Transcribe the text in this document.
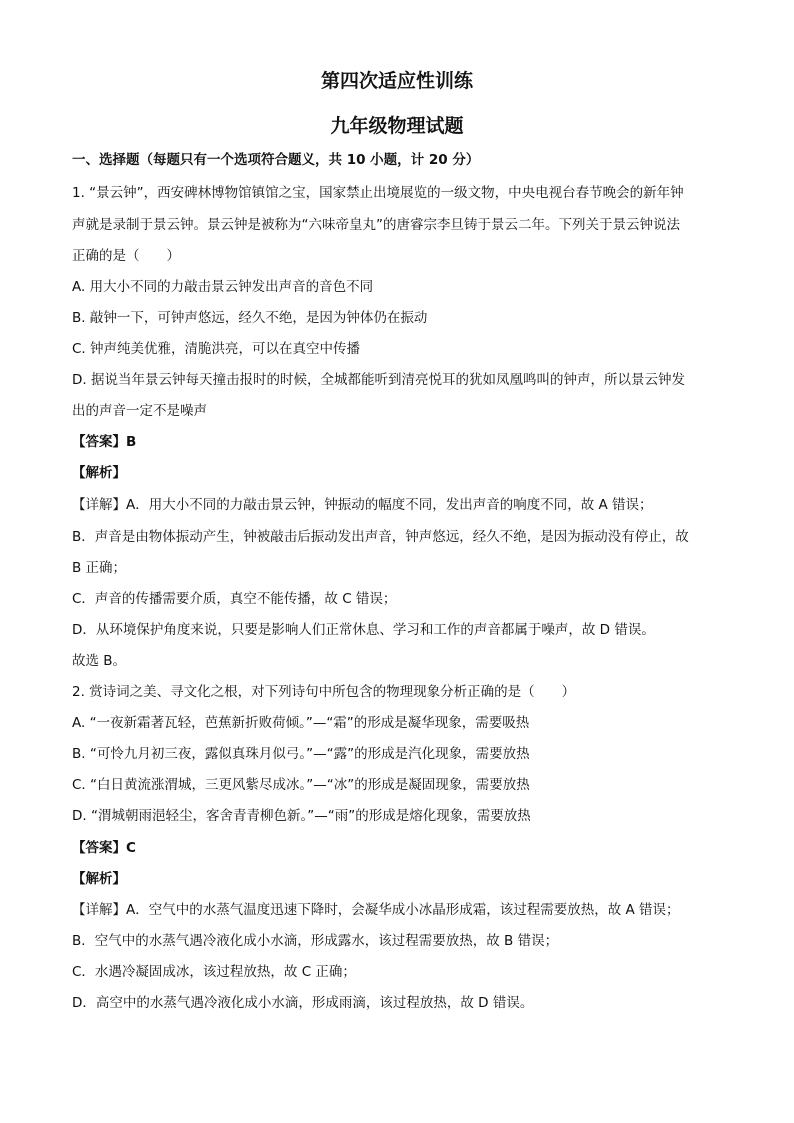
第四次适应性训练
九年级物理试题
一、选择题（每题只有一个选项符合题义，共 10 小题，计 20 分）
1. “景云钟”，西安碑林博物馆镇馆之宝，国家禁止出境展览的一级文物，中央电视台春节晚会的新年钟
声就是录制于景云钟。景云钟是被称为“六味帝皇丸”的唐睿宗李旦铸于景云二年。下列关于景云钟说法
正确的是（　　）
A. 用大小不同的力敲击景云钟发出声音的音色不同
B. 敲钟一下，可钟声悠远，经久不绝，是因为钟体仍在振动
C. 钟声纯美优雅，清脆洪亮，可以在真空中传播
D. 据说当年景云钟每天撞击报时的时候，全城都能听到清亮悦耳的犹如凤凰鸣叫的钟声，所以景云钟发
出的声音一定不是噪声
【答案】B
【解析】
【详解】A．用大小不同的力敲击景云钟，钟振动的幅度不同，发出声音的响度不同，故 A 错误；
B．声音是由物体振动产生，钟被敲击后振动发出声音，钟声悠远，经久不绝，是因为振动没有停止，故
B 正确；
C．声音的传播需要介质，真空不能传播，故 C 错误；
D．从环境保护角度来说，只要是影响人们正常休息、学习和工作的声音都属于噪声，故 D 错误。
故选 B。
2. 赏诗词之美、寻文化之根，对下列诗句中所包含的物理现象分析正确的是（　　）
A. “一夜新霜著瓦轻，芭蕉新折败荷倾。”—“霜”的形成是凝华现象，需要吸热
B. “可怜九月初三夜，露似真珠月似弓。”—“露”的形成是汽化现象，需要放热
C. “白日黄流涨渭城，三更风紫尽成冰。”—“冰”的形成是凝固现象，需要放热
D. “渭城朝雨浥轻尘，客舍青青柳色新。”—“雨”的形成是熔化现象，需要放热
【答案】C
【解析】
【详解】A．空气中的水蒸气温度迅速下降时，会凝华成小冰晶形成霜，该过程需要放热，故 A 错误；
B．空气中的水蒸气遇冷液化成小水滴，形成露水，该过程需要放热，故 B 错误；
C．水遇冷凝固成冰，该过程放热，故 C 正确；
D．高空中的水蒸气遇冷液化成小水滴，形成雨滴，该过程放热，故 D 错误。
